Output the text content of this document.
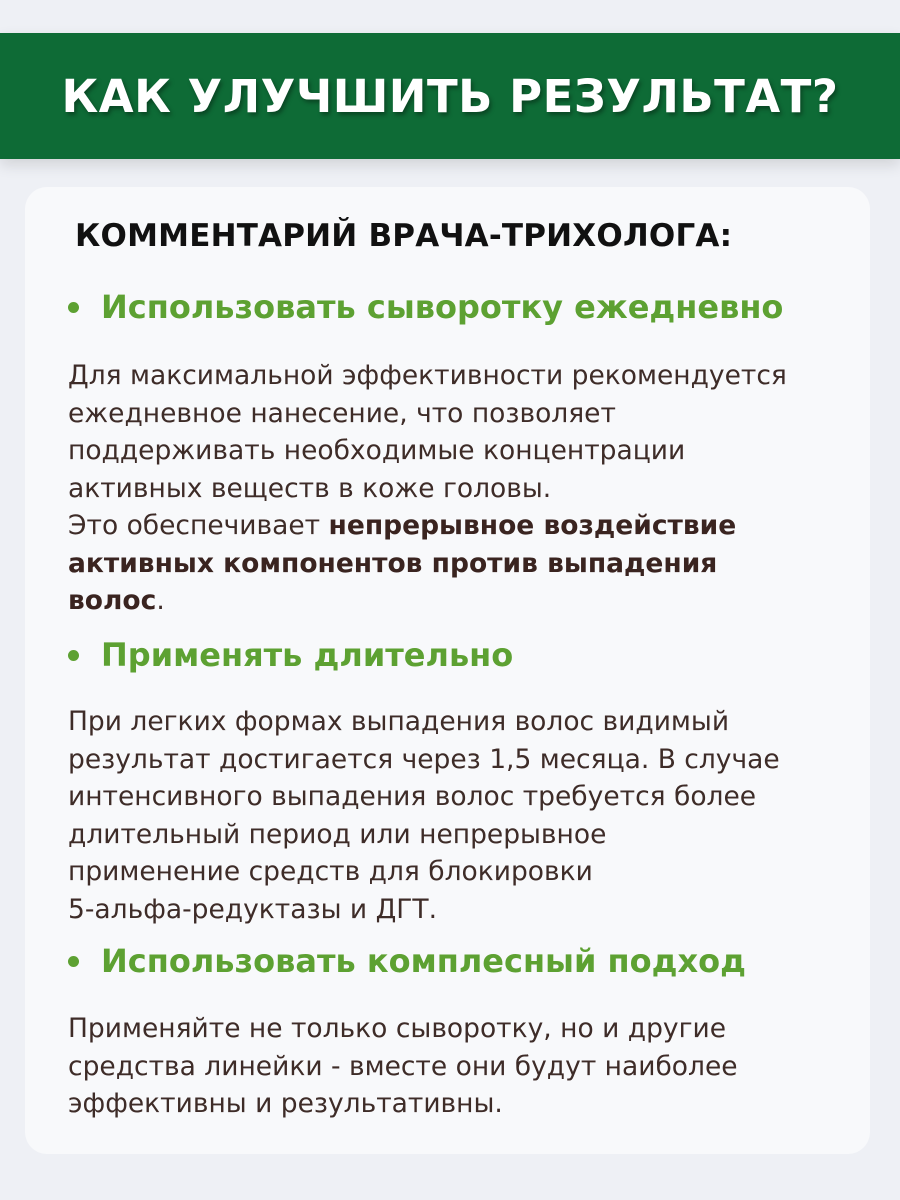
КАК УЛУЧШИТЬ РЕЗУЛЬТАТ?
КОММЕНТАРИЙ ВРАЧА-ТРИХОЛОГА:
Использовать сыворотку ежедневно

Для максимальной эффективности рекомендуется
ежедневное нанесение, что позволяет
поддерживать необходимые концентрации
активных веществ в коже головы.
Это обеспечивает непрерывное воздействие
активных компонентов против выпадения
волос.

Применять длительно

При легких формах выпадения волос видимый
результат достигается через 1,5 месяца. В случае
интенсивного выпадения волос требуется более
длительный период или непрерывное
применение средств для блокировки
5-альфа-редуктазы и ДГТ.

Использовать комплесный подход

Применяйте не только сыворотку, но и другие
средства линейки - вместе они будут наиболее
эффективны и результативны.
